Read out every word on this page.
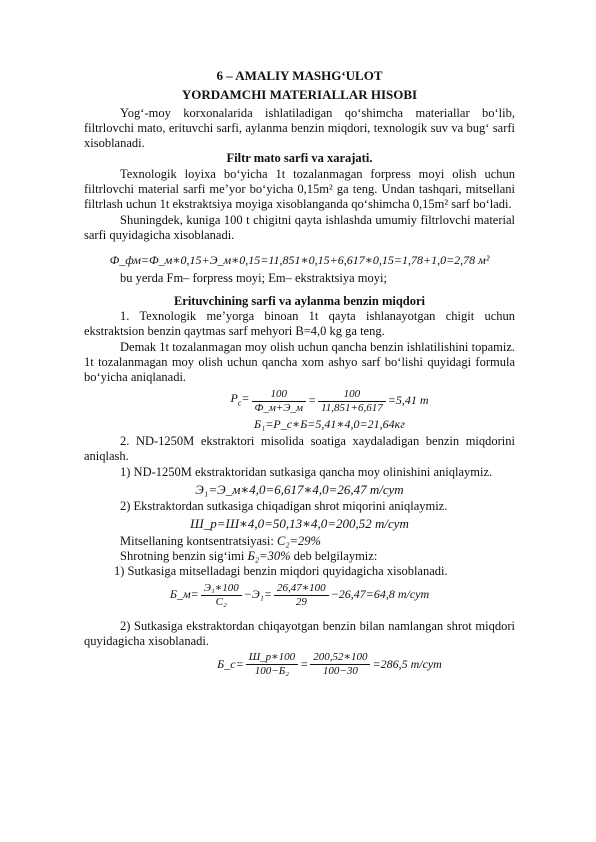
6 – AMALIY MASHG‘ULOT
YORDAMCHI MATERIALLAR HISOBI
Yog‘-moy korxonalarida ishlatiladigan qo‘shimcha materiallar bo‘lib, filtrlovchi mato, erituvchi sarfi, aylanma benzin miqdori, texnologik suv va bug‘ sarfi xisoblanadi.
Filtr mato sarfi va xarajati.
Texnologik loyixa bo‘yicha 1t tozalanmagan forpress moyi olish uchun filtrlovchi material sarfi me’yor bo‘yicha 0,15m² ga teng. Undan tashqari, mitsellani filtrlash uchun 1t ekstraktsiya moyiga xisoblanganda qo‘shimcha 0,15m² sarf bo‘ladi.
Shuningdek, kuniga 100 t chigitni qayta ishlashda umumiy filtrlovchi material sarfi quyidagicha xisoblanadi.
Ф_фм=Ф_м∗0,15+Э_м∗0,15=11,851∗0,15+6,617∗0,15=1,78+1,0=2,78 м²
bu yerda Fm– forpress moyi; Em– ekstraktsiya moyi;
Erituvchining sarfi va aylanma benzin miqdori
1. Texnologik me’yorga binoan 1t qayta ishlanayotgan chigit uchun ekstraktsion benzin qaytmas sarf mehyori B=4,0 kg ga teng.
Demak 1t tozalanmagan moy olish uchun qancha benzin ishlatilishini topamiz. 1t tozalanmagan moy olish uchun qancha xom ashyo sarf bo‘lishi quyidagi formula bo‘yicha aniqlanadi.
$Р_с= \frac{100}{Ф\_м+Э\_м} = \frac{100}{11,851+6,617} =5,41$ т
Б₁=Р_с∗Б=5,41∗4,0=21,64кг
2. ND-1250M ekstraktori misolida soatiga xaydaladigan benzin miqdorini aniqlash.
1) ND-1250M ekstraktoridan sutkasiga qancha moy olinishini aniqlaymiz.
Э₁=Э_м∗4,0=6,617∗4,0=26,47 т/сут
2) Ekstraktordan sutkasiga chiqadigan shrot miqorini aniqlaymiz.
Ш_р=Ш∗4,0=50,13∗4,0=200,52 т/сут
Mitsellaning kontsentratsiyasi: С₂=29%
Shrotning benzin sig‘imi Б₂=30% deb belgilaymiz:
1) Sutkasiga mitselladagi benzin miqdori quyidagicha xisoblanadi.
Б_м= $\frac{\text{Э₁∗100}}{\text{С₂}} -Э_1= \frac{26,47∗100}{29} -26,47=64,8$ т/сут
2) Sutkasiga ekstraktordan chiqayotgan benzin bilan namlangan shrot miqdori quyidagicha xisoblanadi.
Б_с= $\frac{Ш\_р∗100}{\text{100−Б₂}} = \frac{200,52∗100}{100-30} =286,5$ т/сут
